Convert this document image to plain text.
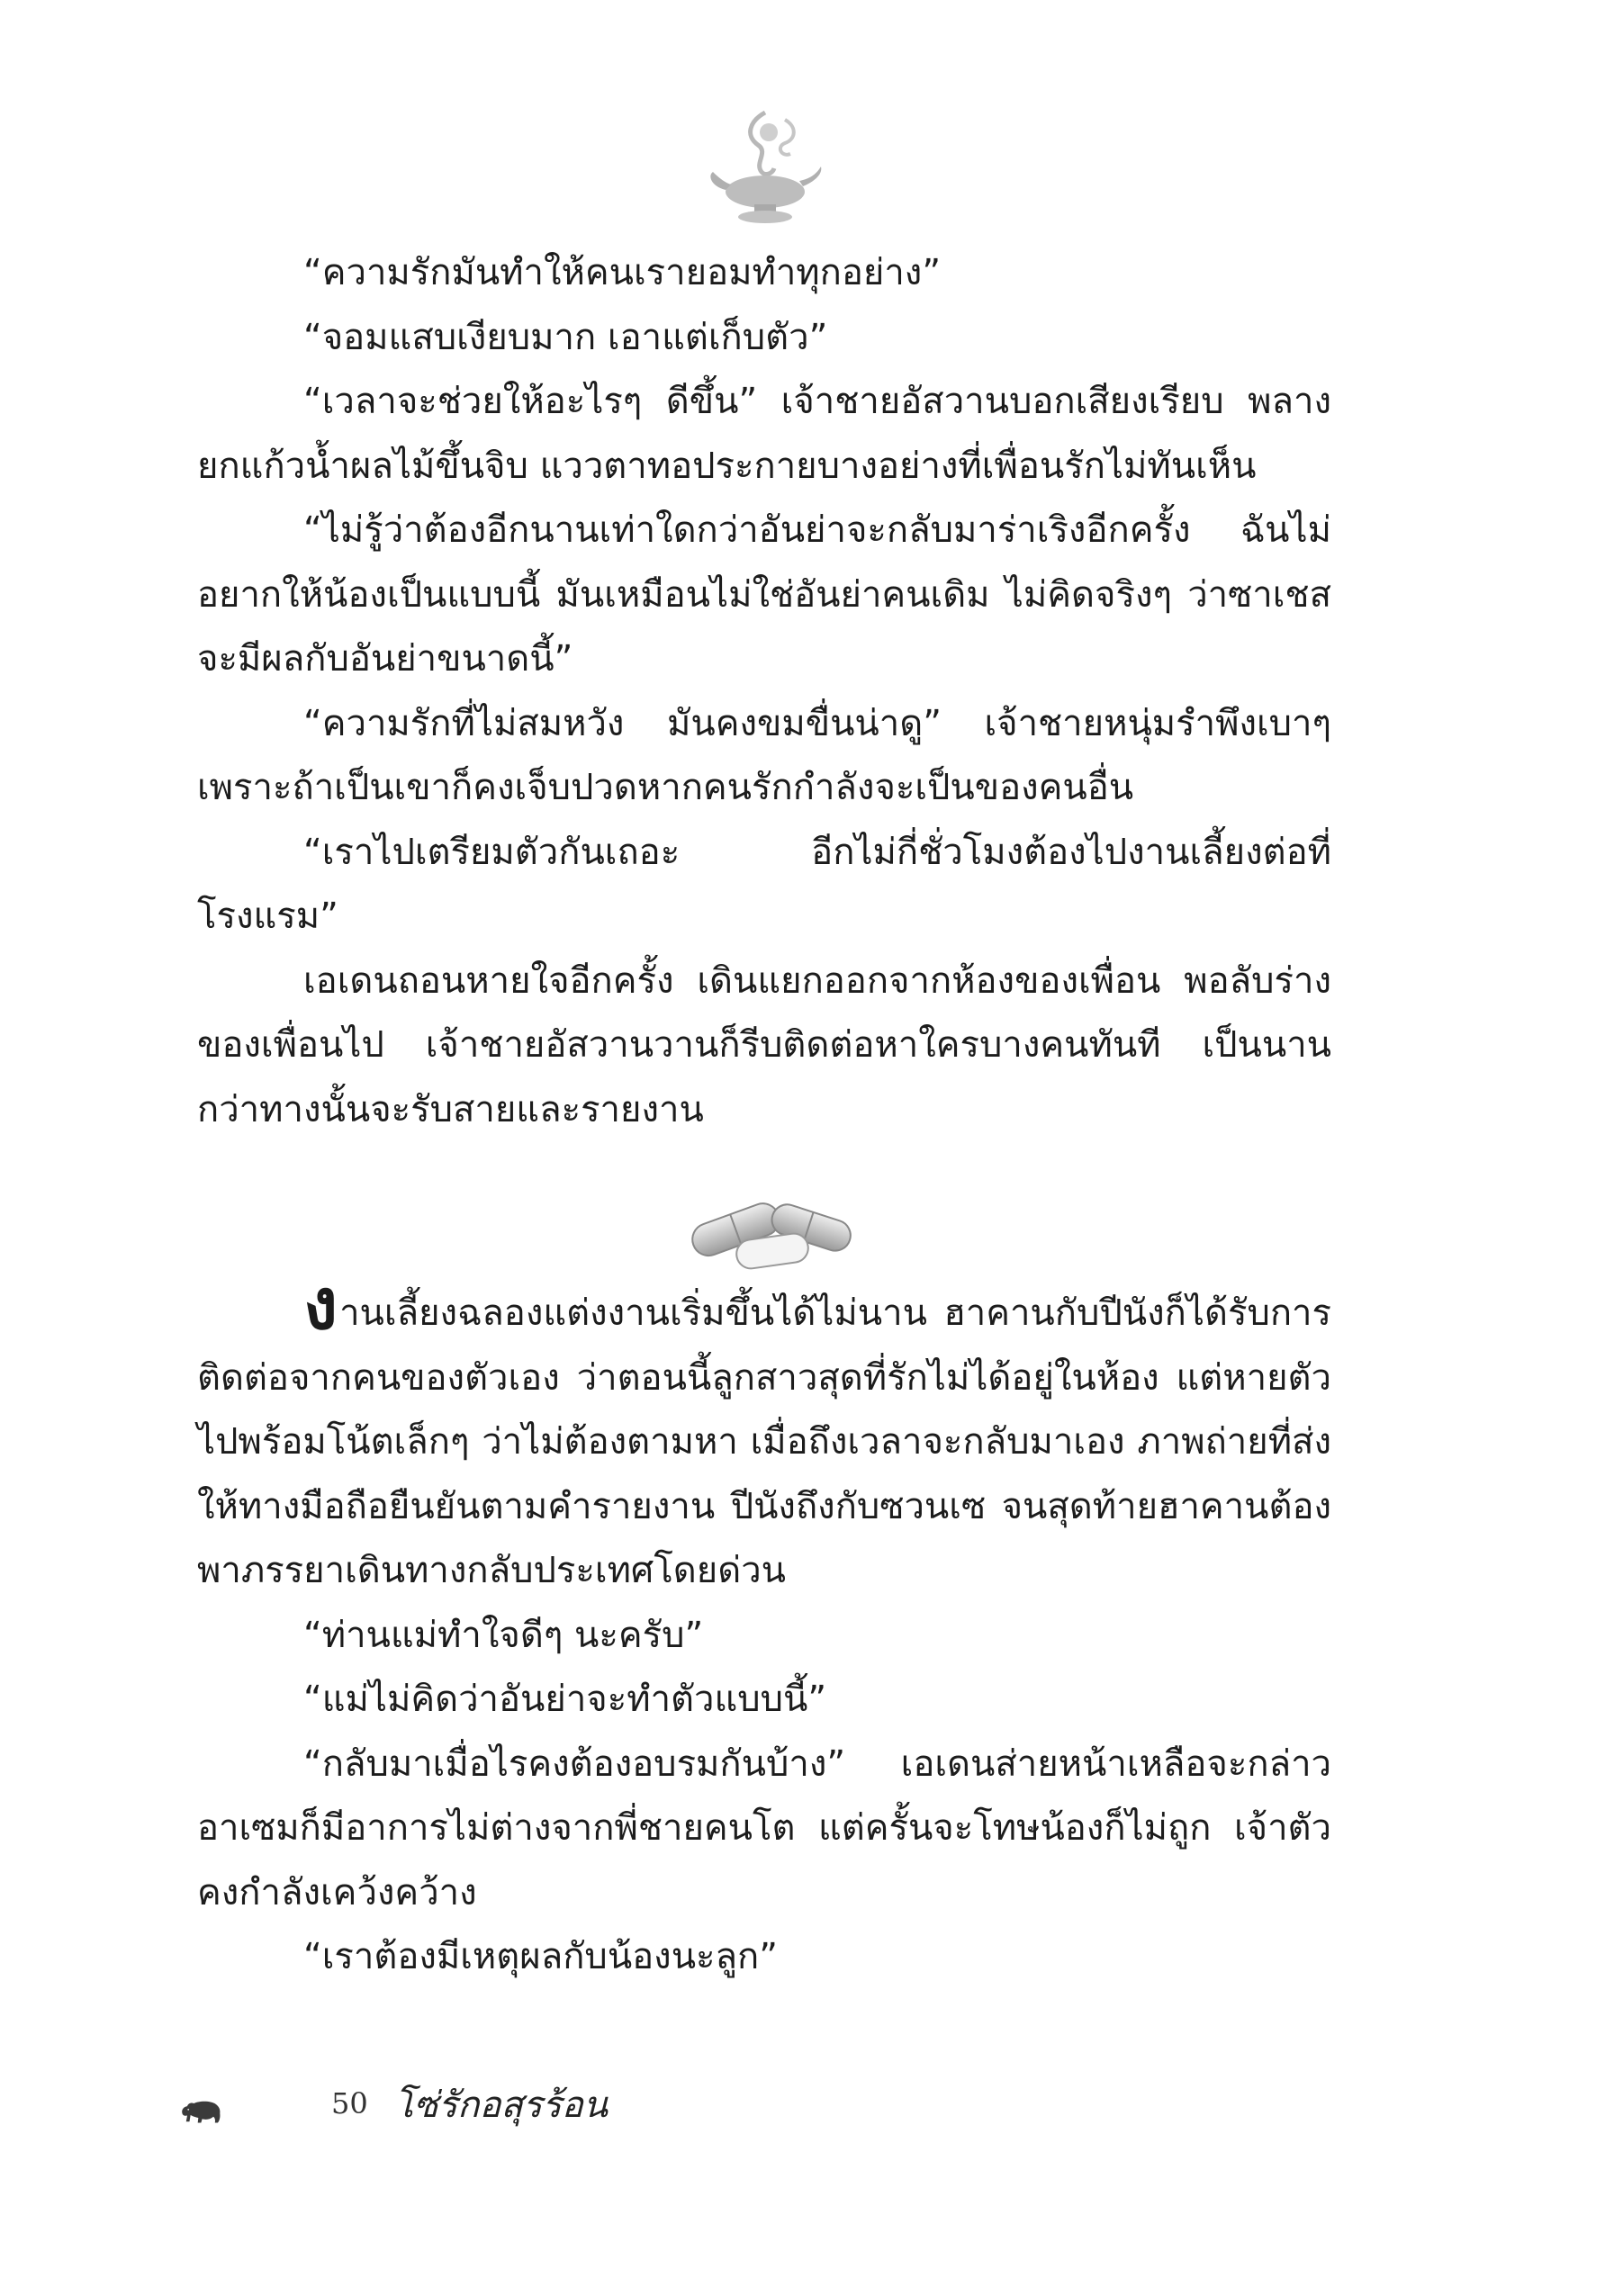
“ความรักมันทำให้คนเรายอมทำทุกอย่าง”

“จอมแสบเงียบมาก เอาแต่เก็บตัว”

“เวลาจะช่วยให้อะไรๆ ดีขึ้น” เจ้าชายอัสวานบอกเสียงเรียบ พลางยกแก้วน้ำผลไม้ขึ้นจิบ แววตาทอประกายบางอย่างที่เพื่อนรักไม่ทันเห็น

“ไม่รู้ว่าต้องอีกนานเท่าใดกว่าอันย่าจะกลับมาร่าเริงอีกครั้ง ฉันไม่อยากให้น้องเป็นแบบนี้ มันเหมือนไม่ใช่อันย่าคนเดิม ไม่คิดจริงๆ ว่าซาเชสจะมีผลกับอันย่าขนาดนี้”

“ความรักที่ไม่สมหวัง มันคงขมขื่นน่าดู” เจ้าชายหนุ่มรำพึงเบาๆ เพราะถ้าเป็นเขาก็คงเจ็บปวดหากคนรักกำลังจะเป็นของคนอื่น

“เราไปเตรียมตัวกันเถอะ อีกไม่กี่ชั่วโมงต้องไปงานเลี้ยงต่อที่โรงแรม”

เอเดนถอนหายใจอีกครั้ง เดินแยกออกจากห้องของเพื่อน พอลับร่างของเพื่อนไป เจ้าชายอัสวานวานก็รีบติดต่อหาใครบางคนทันที เป็นนานกว่าทางนั้นจะรับสายและรายงาน

งานเลี้ยงฉลองแต่งงานเริ่มขึ้นได้ไม่นาน ฮาคานกับปีนังก็ได้รับการติดต่อจากคนของตัวเอง ว่าตอนนี้ลูกสาวสุดที่รักไม่ได้อยู่ในห้อง แต่หายตัวไปพร้อมโน้ตเล็กๆ ว่าไม่ต้องตามหา เมื่อถึงเวลาจะกลับมาเอง ภาพถ่ายที่ส่งให้ทางมือถือยืนยันตามคำรายงาน ปีนังถึงกับซวนเซ จนสุดท้ายฮาคานต้องพาภรรยาเดินทางกลับประเทศโดยด่วน

“ท่านแม่ทำใจดีๆ นะครับ”

“แม่ไม่คิดว่าอันย่าจะทำตัวแบบนี้”

“กลับมาเมื่อไรคงต้องอบรมกันบ้าง” เอเดนส่ายหน้าเหลือจะกล่าว อาเซมก็มีอาการไม่ต่างจากพี่ชายคนโต แต่ครั้นจะโทษน้องก็ไม่ถูก เจ้าตัวคงกำลังเคว้งคว้าง

“เราต้องมีเหตุผลกับน้องนะลูก”

50 โซ่รักอสุรร้อน
